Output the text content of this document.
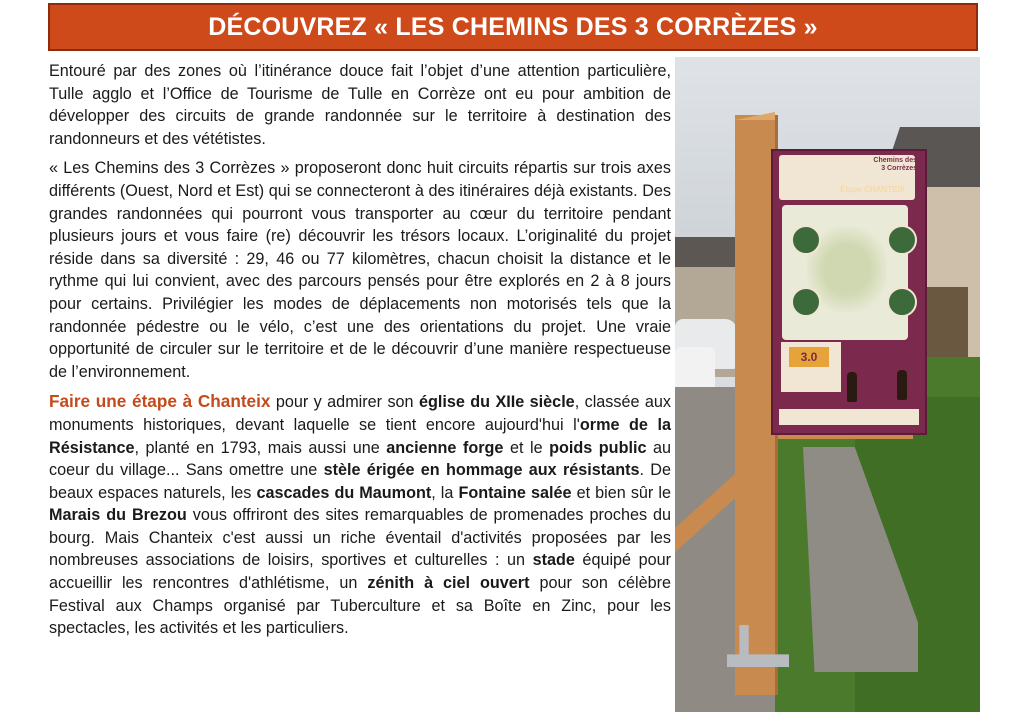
DÉCOUVREZ « LES CHEMINS DES 3 CORRÈZES »

Entouré par des zones où l’itinérance douce fait l’objet d’une attention particulière, Tulle agglo et l’Office de Tourisme de Tulle en Corrèze ont eu pour ambition de développer des circuits de grande randonnée sur le territoire à destination des randonneurs et des vététistes.

« Les Chemins des 3 Corrèzes » proposeront donc huit circuits répartis sur trois axes différents (Ouest, Nord et Est) qui se connecteront à des itinéraires déjà existants. Des grandes randonnées qui pourront vous transporter au cœur du territoire pendant plusieurs jours et vous faire (re) découvrir les trésors locaux. L’originalité du projet réside dans sa diversité : 29, 46 ou 77 kilomètres, chacun choisit la distance et le rythme qui lui convient, avec des parcours pensés pour être explorés en 2 à 8 jours pour certains. Privilégier les modes de déplacements non motorisés tels que la randonnée pédestre ou le vélo, c’est une des orientations du projet. Une vraie opportunité de circuler sur le territoire et de le découvrir d’une manière respectueuse de l’environnement.

Faire une étape à Chanteix pour y admirer son église du XIIe siècle, classée aux monuments historiques, devant laquelle se tient encore aujourd'hui l'orme de la Résistance, planté en 1793, mais aussi une ancienne forge et le poids public au coeur du village... Sans omettre une stèle érigée en hommage aux résistants. De beaux espaces naturels, les cascades du Maumont, la Fontaine salée et bien sûr le Marais du Brezou vous offriront des sites remarquables de promenades proches du bourg. Mais Chanteix c'est aussi un riche éventail d'activités proposées par les nombreuses associations de loisirs, sportives et culturelles : un stade équipé pour accueillir les rencontres d'athlétisme, un zénith à ciel ouvert pour son célèbre Festival aux Champs organisé par Tuberculture et sa Boîte en Zinc, pour les spectacles, les activités et les particuliers.

Chemins des 3 Corrèzes
Étape CHANTEIX
3.0
